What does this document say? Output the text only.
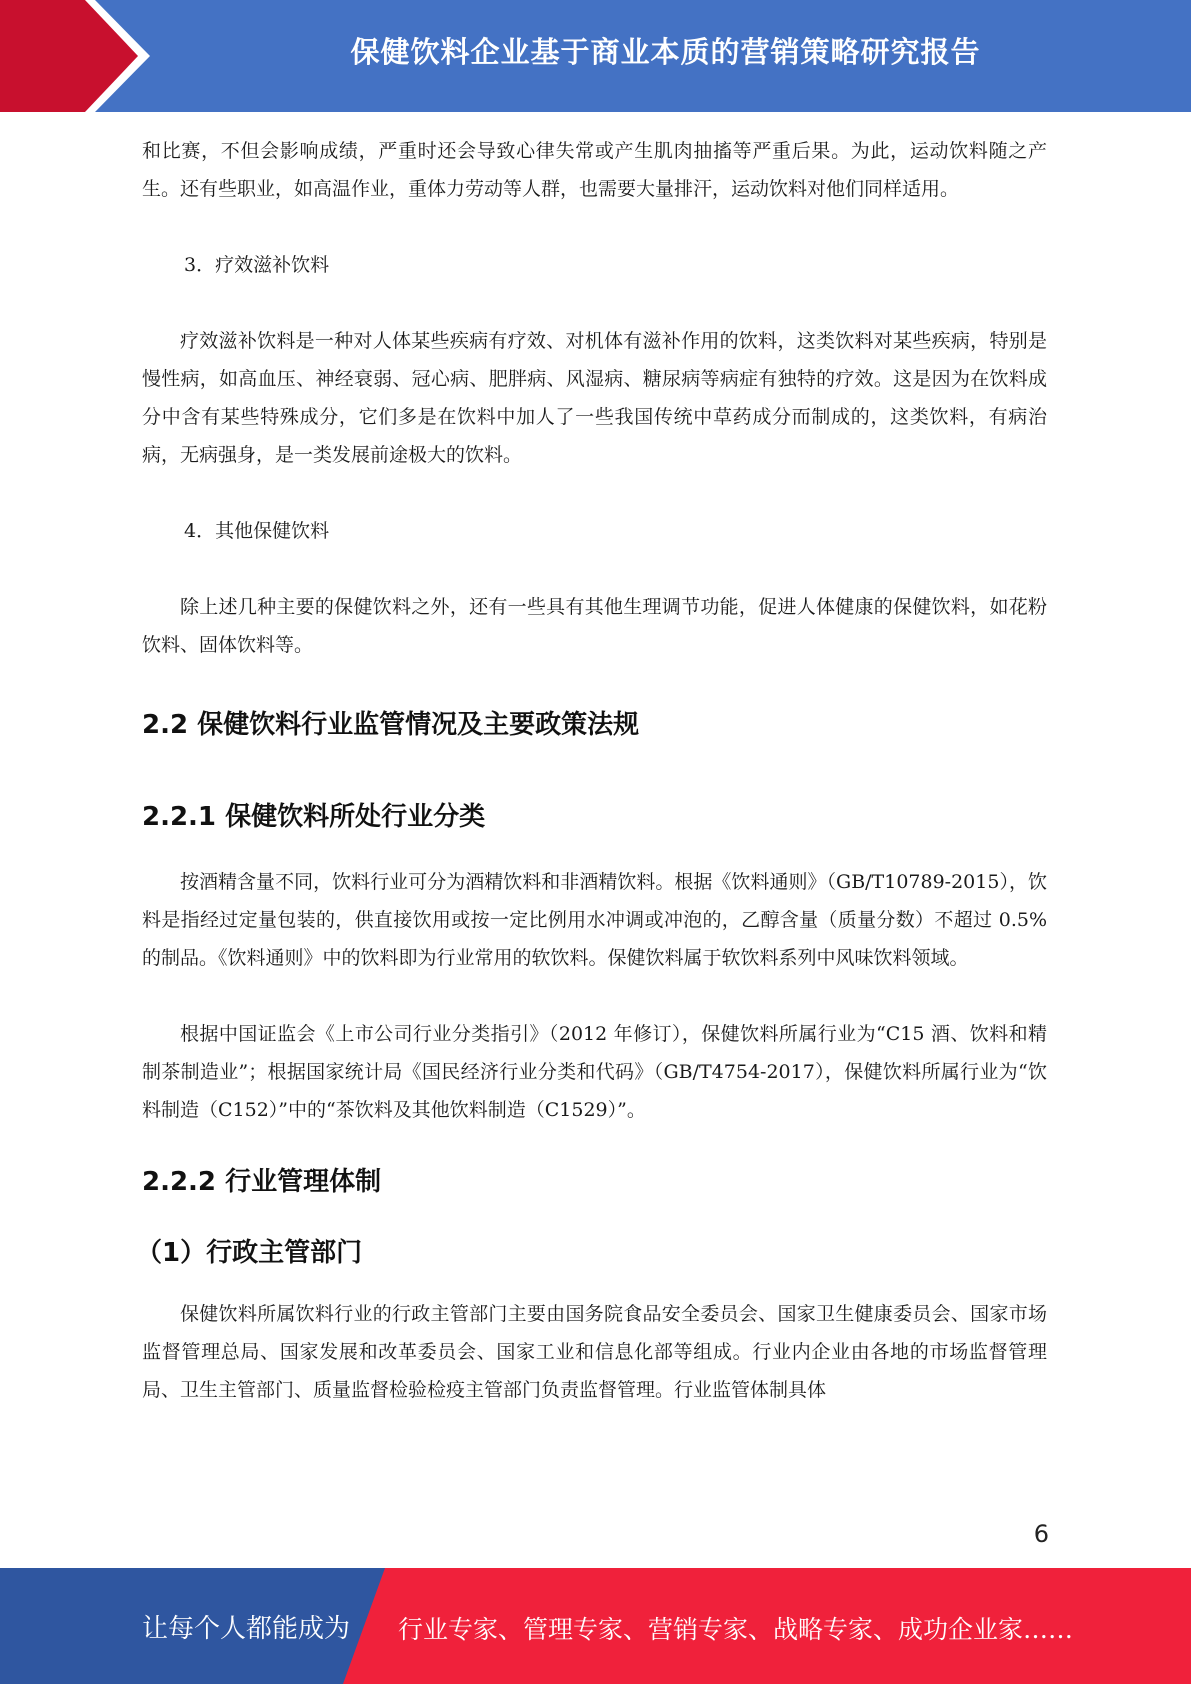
保健饮料企业基于商业本质的营销策略研究报告

和比赛，不但会影响成绩，严重时还会导致心律失常或产生肌肉抽搐等严重后果。为此，运动饮料随之产生。还有些职业，如高温作业，重体力劳动等人群，也需要大量排汗，运动饮料对他们同样适用。

3．疗效滋补饮料

疗效滋补饮料是一种对人体某些疾病有疗效、对机体有滋补作用的饮料，这类饮料对某些疾病，特别是慢性病，如高血压、神经衰弱、冠心病、肥胖病、风湿病、糖尿病等病症有独特的疗效。这是因为在饮料成分中含有某些特殊成分，它们多是在饮料中加人了一些我国传统中草药成分而制成的，这类饮料，有病治病，无病强身，是一类发展前途极大的饮料。

4．其他保健饮料

除上述几种主要的保健饮料之外，还有一些具有其他生理调节功能，促进人体健康的保健饮料，如花粉饮料、固体饮料等。

2.2 保健饮料行业监管情况及主要政策法规
2.2.1 保健饮料所处行业分类

按酒精含量不同，饮料行业可分为酒精饮料和非酒精饮料。根据《饮料通则》（GB/T10789-2015），饮料是指经过定量包装的，供直接饮用或按一定比例用水冲调或冲泡的，乙醇含量（质量分数）不超过 0.5%的制品。《饮料通则》中的饮料即为行业常用的软饮料。保健饮料属于软饮料系列中风味饮料领域。

根据中国证监会《上市公司行业分类指引》（2012 年修订），保健饮料所属行业为“C15 酒、饮料和精制茶制造业”；根据国家统计局《国民经济行业分类和代码》（GB/T4754-2017），保健饮料所属行业为“饮料制造（C152）”中的“茶饮料及其他饮料制造（C1529）”。

2.2.2 行业管理体制
（1）行政主管部门

保健饮料所属饮料行业的行政主管部门主要由国务院食品安全委员会、国家卫生健康委员会、国家市场监督管理总局、国家发展和改革委员会、国家工业和信息化部等组成。行业内企业由各地的市场监督管理局、卫生主管部门、质量监督检验检疫主管部门负责监督管理。行业监管体制具体

6
让每个人都能成为 行业专家、管理专家、营销专家、战略专家、成功企业家……
